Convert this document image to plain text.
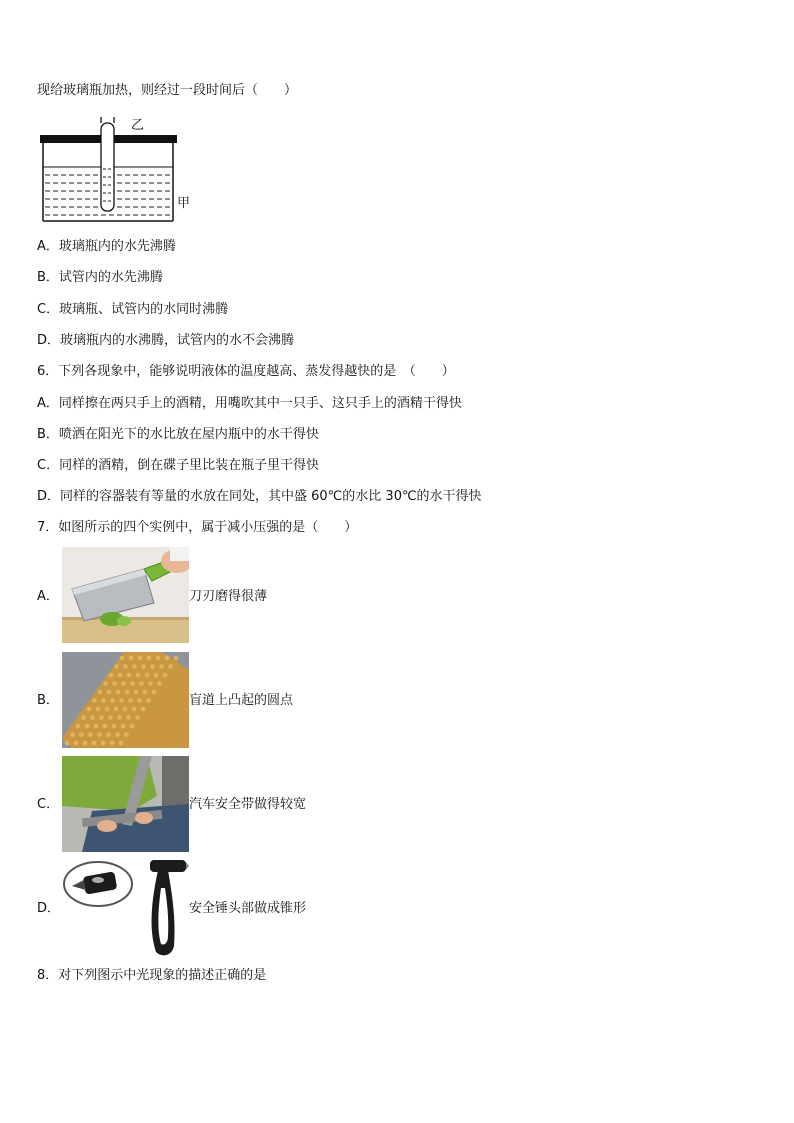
现给玻璃瓶加热，则经过一段时间后（　　）
乙
甲
A．玻璃瓶内的水先沸腾
B．试管内的水先沸腾
C．玻璃瓶、试管内的水同时沸腾
D．玻璃瓶内的水沸腾，试管内的水不会沸腾
6．下列各现象中，能够说明液体的温度越高、蒸发得越快的是　（　　）
A．同样擦在两只手上的酒精，用嘴吹其中一只手、这只手上的酒精干得快
B．喷洒在阳光下的水比放在屋内瓶中的水干得快
C．同样的酒精，倒在碟子里比装在瓶子里干得快
D．同样的容器装有等量的水放在同处，其中盛 60℃的水比 30℃的水干得快
7．如图所示的四个实例中，属于减小压强的是（　　）
A．	刀刃磨得很薄
B．	盲道上凸起的圆点
C．	汽车安全带做得较宽
D．	安全锤头部做成锥形
8．对下列图示中光现象的描述正确的是
